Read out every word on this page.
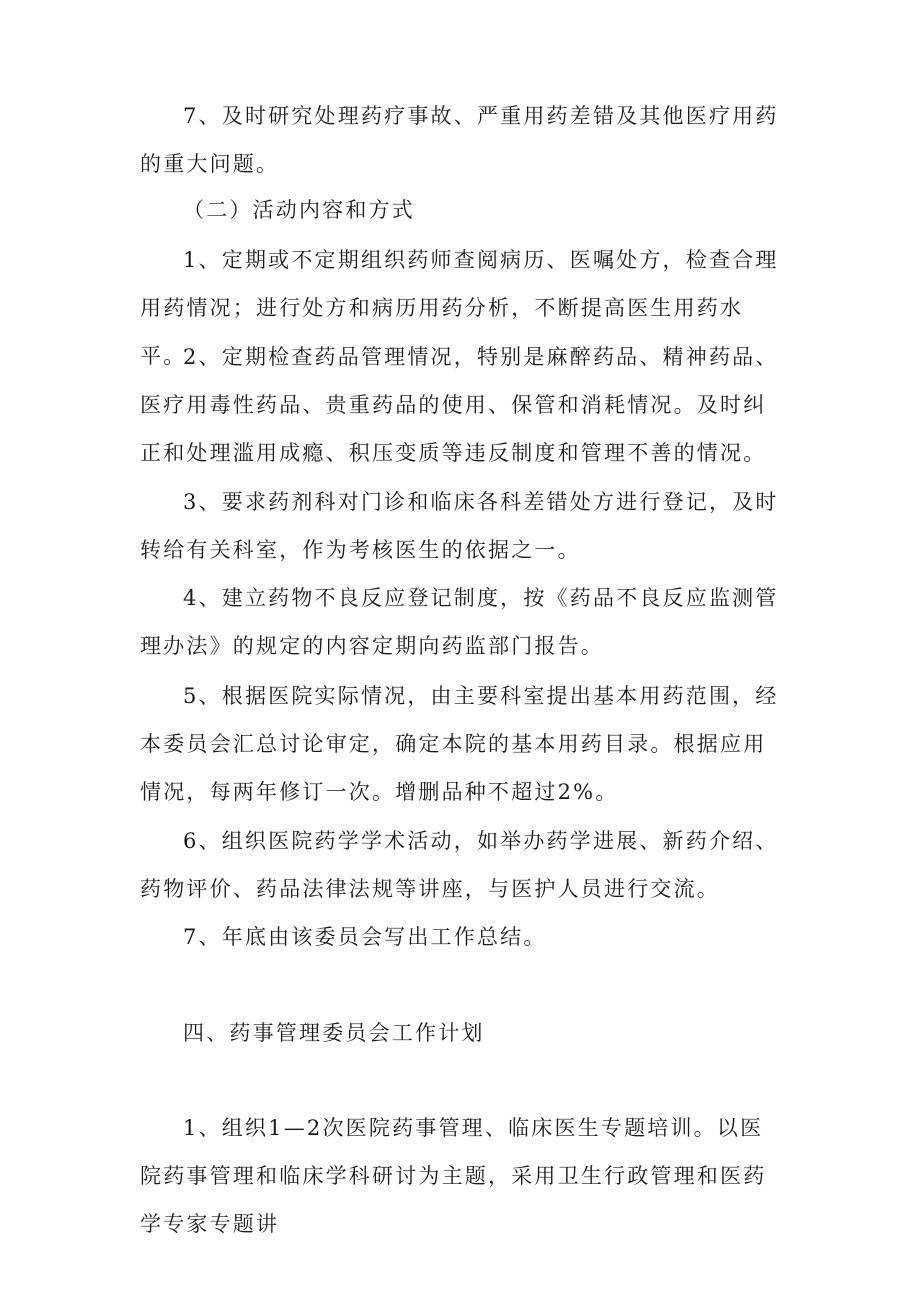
7、及时研究处理药疗事故、严重用药差错及其他医疗用药的重大问题。

（二）活动内容和方式

1、定期或不定期组织药师查阅病历、医嘱处方，检查合理用药情况；进行处方和病历用药分析，不断提高医生用药水平。

2、定期检查药品管理情况，特别是麻醉药品、精神药品、医疗用毒性药品、贵重药品的使用、保管和消耗情况。及时纠正和处理滥用成瘾、积压变质等违反制度和管理不善的情况。

3、要求药剂科对门诊和临床各科差错处方进行登记，及时转给有关科室，作为考核医生的依据之一。

4、建立药物不良反应登记制度，按《药品不良反应监测管理办法》的规定的内容定期向药监部门报告。

5、根据医院实际情况，由主要科室提出基本用药范围，经本委员会汇总讨论审定，确定本院的基本用药目录。根据应用情况，每两年修订一次。增删品种不超过2%。

6、组织医院药学学术活动，如举办药学进展、新药介绍、药物评价、药品法律法规等讲座，与医护人员进行交流。

7、年底由该委员会写出工作总结。

四、药事管理委员会工作计划

1、组织1—2次医院药事管理、临床医生专题培训。以医院药事管理和临床学科研讨为主题，采用卫生行政管理和医药学专家专题讲
